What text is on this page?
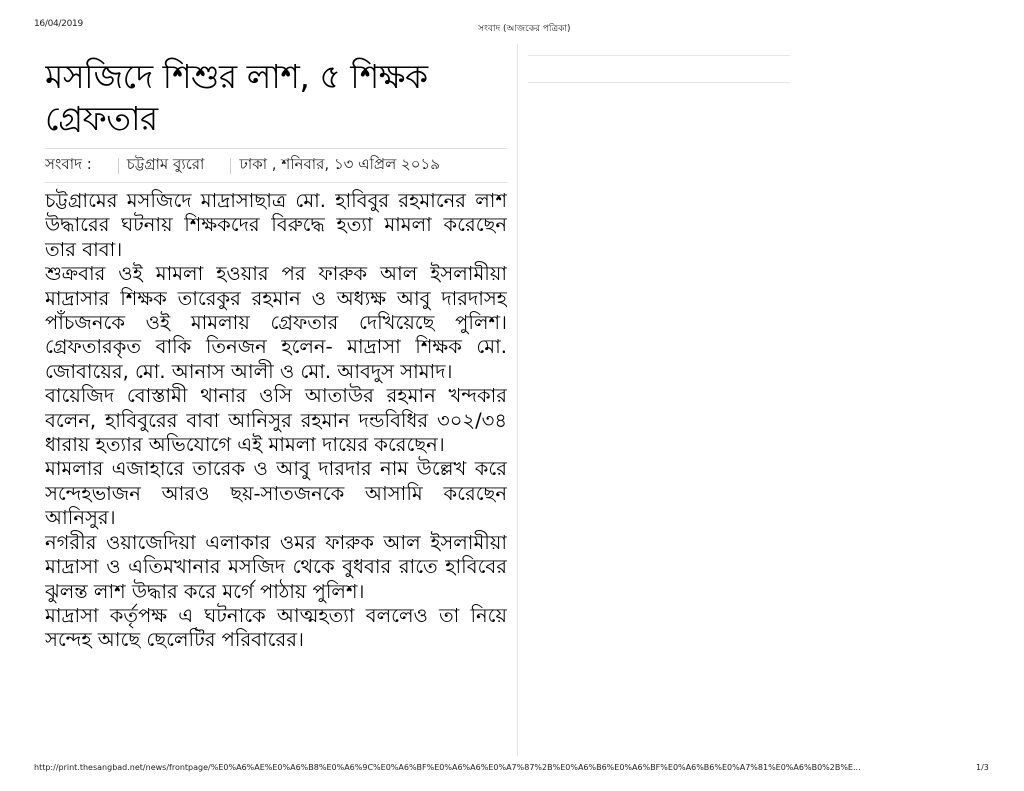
16/04/2019	সংবাদ (আজকের পত্রিকা)
মসজিদে শিশুর লাশ, ৫ শিক্ষক গ্রেফতার
সংবাদ : চট্টগ্রাম ব্যুরো ঢাকা , শনিবার, ১৩ এপ্রিল ২০১৯

চট্টগ্রামের মসজিদে মাদ্রাসাছাত্র মো. হাবিবুর রহমানের লাশ উদ্ধারের ঘটনায় শিক্ষকদের বিরুদ্ধে হত্যা মামলা করেছেন তার বাবা।

শুক্রবার ওই মামলা হওয়ার পর ফারুক আল ইসলামীয়া মাদ্রাসার শিক্ষক তারেকুর রহমান ও অধ্যক্ষ আবু দারদাসহ পাঁচজনকে ওই মামলায় গ্রেফতার দেখিয়েছে পুলিশ। গ্রেফতারকৃত বাকি তিনজন হলেন- মাদ্রাসা শিক্ষক মো. জোবায়ের, মো. আনাস আলী ও মো. আবদুস সামাদ।

বায়েজিদ বোস্তামী থানার ওসি আতাউর রহমান খন্দকার বলেন, হাবিবুরের বাবা আনিসুর রহমান দন্ডবিধির ৩০২/৩৪ ধারায় হত্যার অভিযোগে এই মামলা দায়ের করেছেন।

মামলার এজাহারে তারেক ও আবু দারদার নাম উল্লেখ করে সন্দেহভাজন আরও ছয়-সাতজনকে আসামি করেছেন আনিসুর।

নগরীর ওয়াজেদিয়া এলাকার ওমর ফারুক আল ইসলামীয়া মাদ্রাসা ও এতিমখানার মসজিদ থেকে বুধবার রাতে হাবিবের ঝুলন্ত লাশ উদ্ধার করে মর্গে পাঠায় পুলিশ।

মাদ্রাসা কর্তৃপক্ষ এ ঘটনাকে আত্মহত্যা বললেও তা নিয়ে সন্দেহ আছে ছেলেটির পরিবারের।

http://print.thesangbad.net/news/frontpage/%E0%A6%AE%E0%A6%B8%E0%A6%9C%E0%A6%BF%E0%A6%A6%E0%A7%87%2B%E0%A6%B6%E0%A6%BF%E0%A6%B6%E0%A7%81%E0%A6%B0%2B%E...	1/3
